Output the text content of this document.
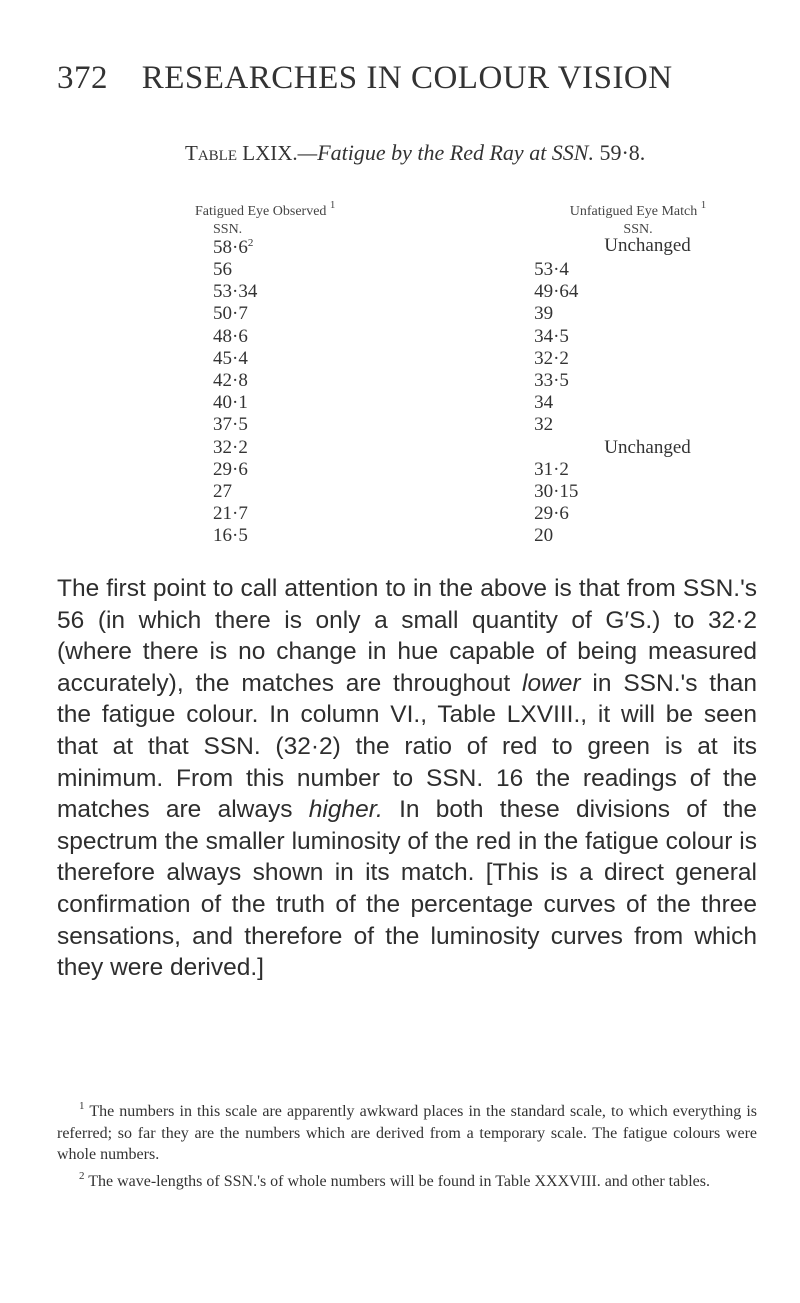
372 RESEARCHES IN COLOUR VISION
Table LXIX.—Fatigue by the Red Ray at SSN. 59·8.
Fatigued Eye Observed $^1$
SSN.
Unfatigued Eye Match $^1$
SSN.
58·6$^2$	Unchanged
56	53·4
53·34	49·64
50·7	39
48·6	34·5
45·4	32·2
42·8	33·5
40·1	34
37·5	32
32·2	Unchanged
29·6	31·2
27	30·15
21·7	29·6
16·5	20

The first point to call attention to in the above is that from SSN.'s 56 (in which there is only a small quantity of G′S.) to 32·2 (where there is no change in hue capable of being measured accurately), the matches are throughout lower in SSN.'s than the fatigue colour. In column VI., Table LXVIII., it will be seen that at that SSN. (32·2) the ratio of red to green is at its minimum. From this number to SSN. 16 the readings of the matches are always higher. In both these divisions of the spectrum the smaller luminosity of the red in the fatigue colour is therefore always shown in its match. [This is a direct general confirmation of the truth of the percentage curves of the three sensations, and therefore of the luminosity curves from which they were derived.]

$^1$ The numbers in this scale are apparently awkward places in the standard scale, to which everything is referred; so far they are the numbers which are derived from a temporary scale. The fatigue colours were whole numbers.

$^2$ The wave-lengths of SSN.'s of whole numbers will be found in Table XXXVIII. and other tables.
